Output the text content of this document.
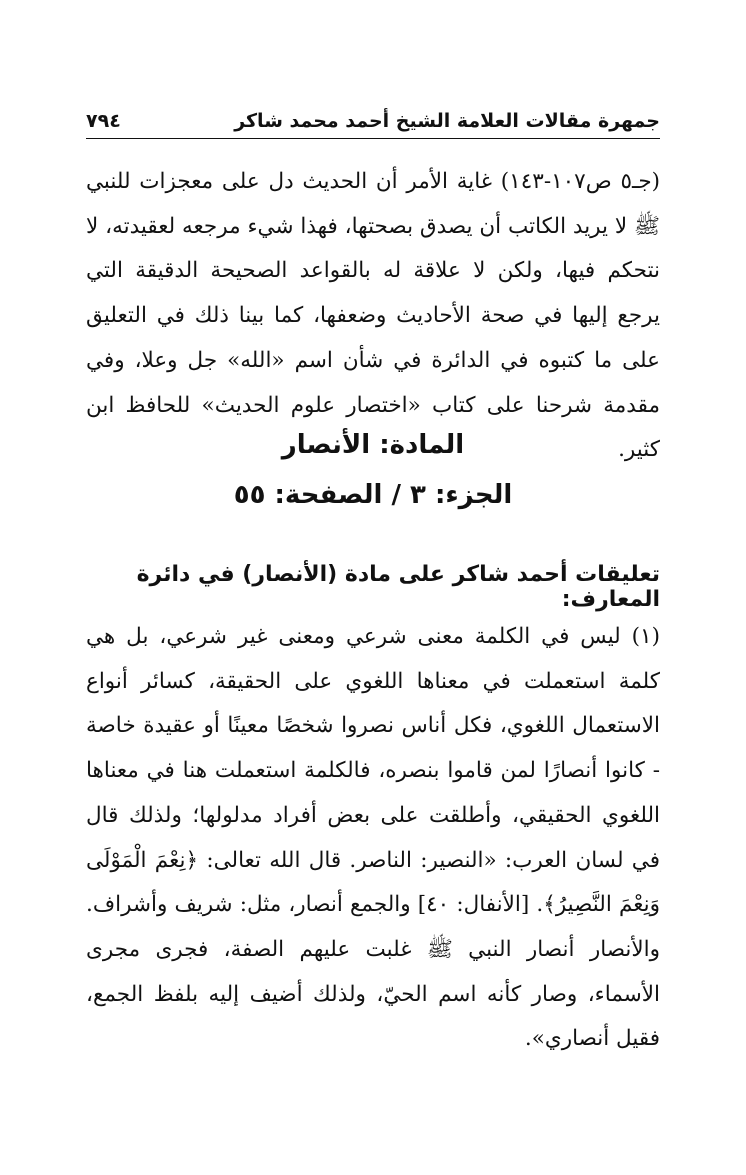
جمهرة مقالات العلامة الشيخ أحمد محمد شاكر
٧٩٤
(جـ٥ ص١٠٧-١٤٣) غاية الأمر أن الحديث دل على معجزات للنبي ﷺ لا يريد الكاتب أن يصدق بصحتها، فهذا شيء مرجعه لعقيدته، لا نتحكم فيها، ولكن لا علاقة له بالقواعد الصحيحة الدقيقة التي يرجع إليها في صحة الأحاديث وضعفها، كما بينا ذلك في التعليق على ما كتبوه في الدائرة في شأن اسم «الله» جل وعلا، وفي مقدمة شرحنا على كتاب «اختصار علوم الحديث» للحافظ ابن كثير.
المادة: الأنصار
الجزء: ٣ / الصفحة: ٥٥
تعليقات أحمد شاكر على مادة (الأنصار) في دائرة المعارف:
(١) ليس في الكلمة معنى شرعي ومعنى غير شرعي، بل هي كلمة استعملت في معناها اللغوي على الحقيقة، كسائر أنواع الاستعمال اللغوي، فكل أناس نصروا شخصًا معينًا أو عقيدة خاصة - كانوا أنصارًا لمن قاموا بنصره، فالكلمة استعملت هنا في معناها اللغوي الحقيقي، وأطلقت على بعض أفراد مدلولها؛ ولذلك قال في لسان العرب: «النصير: الناصر. قال الله تعالى: ﴿نِعْمَ الْمَوْلَى وَنِعْمَ النَّصِيرُ﴾. [الأنفال: ٤٠] والجمع أنصار، مثل: شريف وأشراف. والأنصار أنصار النبي ﷺ غلبت عليهم الصفة، فجرى مجرى الأسماء، وصار كأنه اسم الحيّ، ولذلك أضيف إليه بلفظ الجمع، فقيل أنصاري».
